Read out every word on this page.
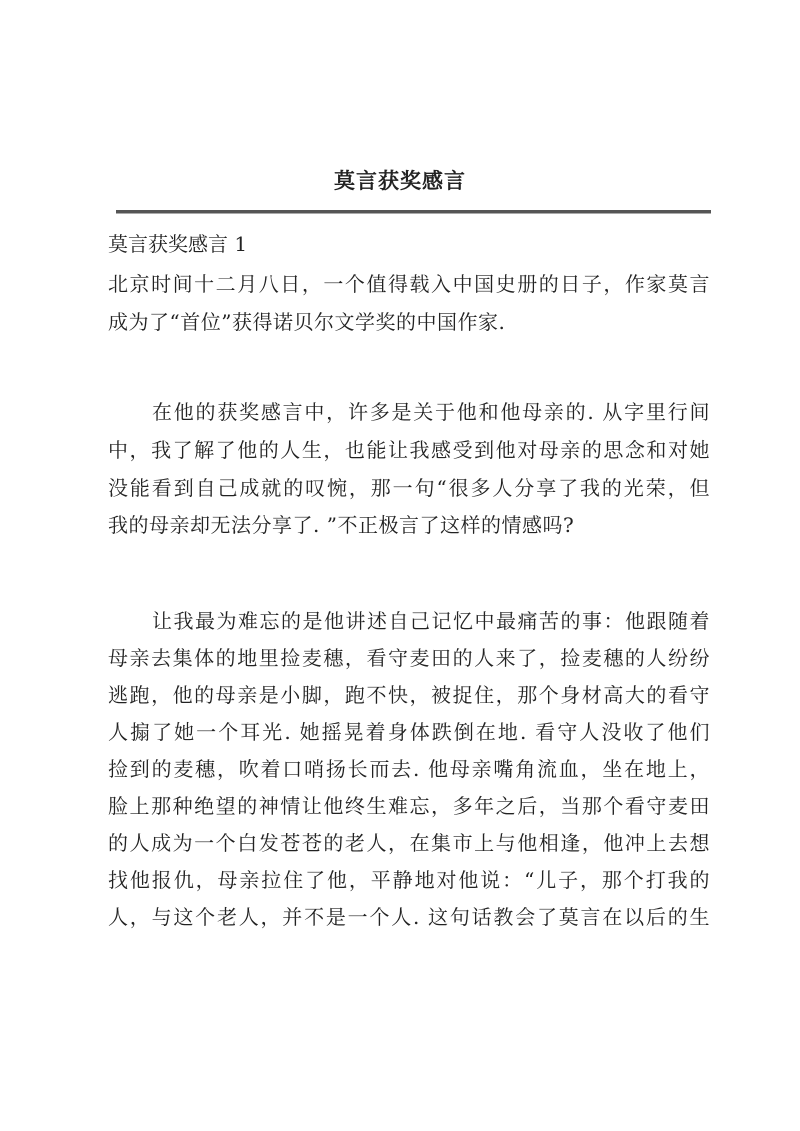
莫言获奖感言
莫言获奖感言 1
北京时间十二月八日，一个值得载入中国史册的日子，作家莫言
成为了“首位”获得诺贝尔文学奖的中国作家.
在他的获奖感言中，许多是关于他和他母亲的. 从字里行间
中，我了解了他的人生，也能让我感受到他对母亲的思念和对她
没能看到自己成就的叹惋，那一句“很多人分享了我的光荣，但
我的母亲却无法分享了. ”不正极言了这样的情感吗?
让我最为难忘的是他讲述自己记忆中最痛苦的事：他跟随着
母亲去集体的地里捡麦穗，看守麦田的人来了，捡麦穗的人纷纷
逃跑，他的母亲是小脚，跑不快，被捉住，那个身材高大的看守
人搧了她一个耳光. 她摇晃着身体跌倒在地. 看守人没收了他们
捡到的麦穗，吹着口哨扬长而去. 他母亲嘴角流血，坐在地上，
脸上那种绝望的神情让他终生难忘，多年之后，当那个看守麦田
的人成为一个白发苍苍的老人，在集市上与他相逢，他冲上去想
找他报仇，母亲拉住了他，平静地对他说：“儿子，那个打我的
人，与这个老人，并不是一个人. 这句话教会了莫言在以后的生
